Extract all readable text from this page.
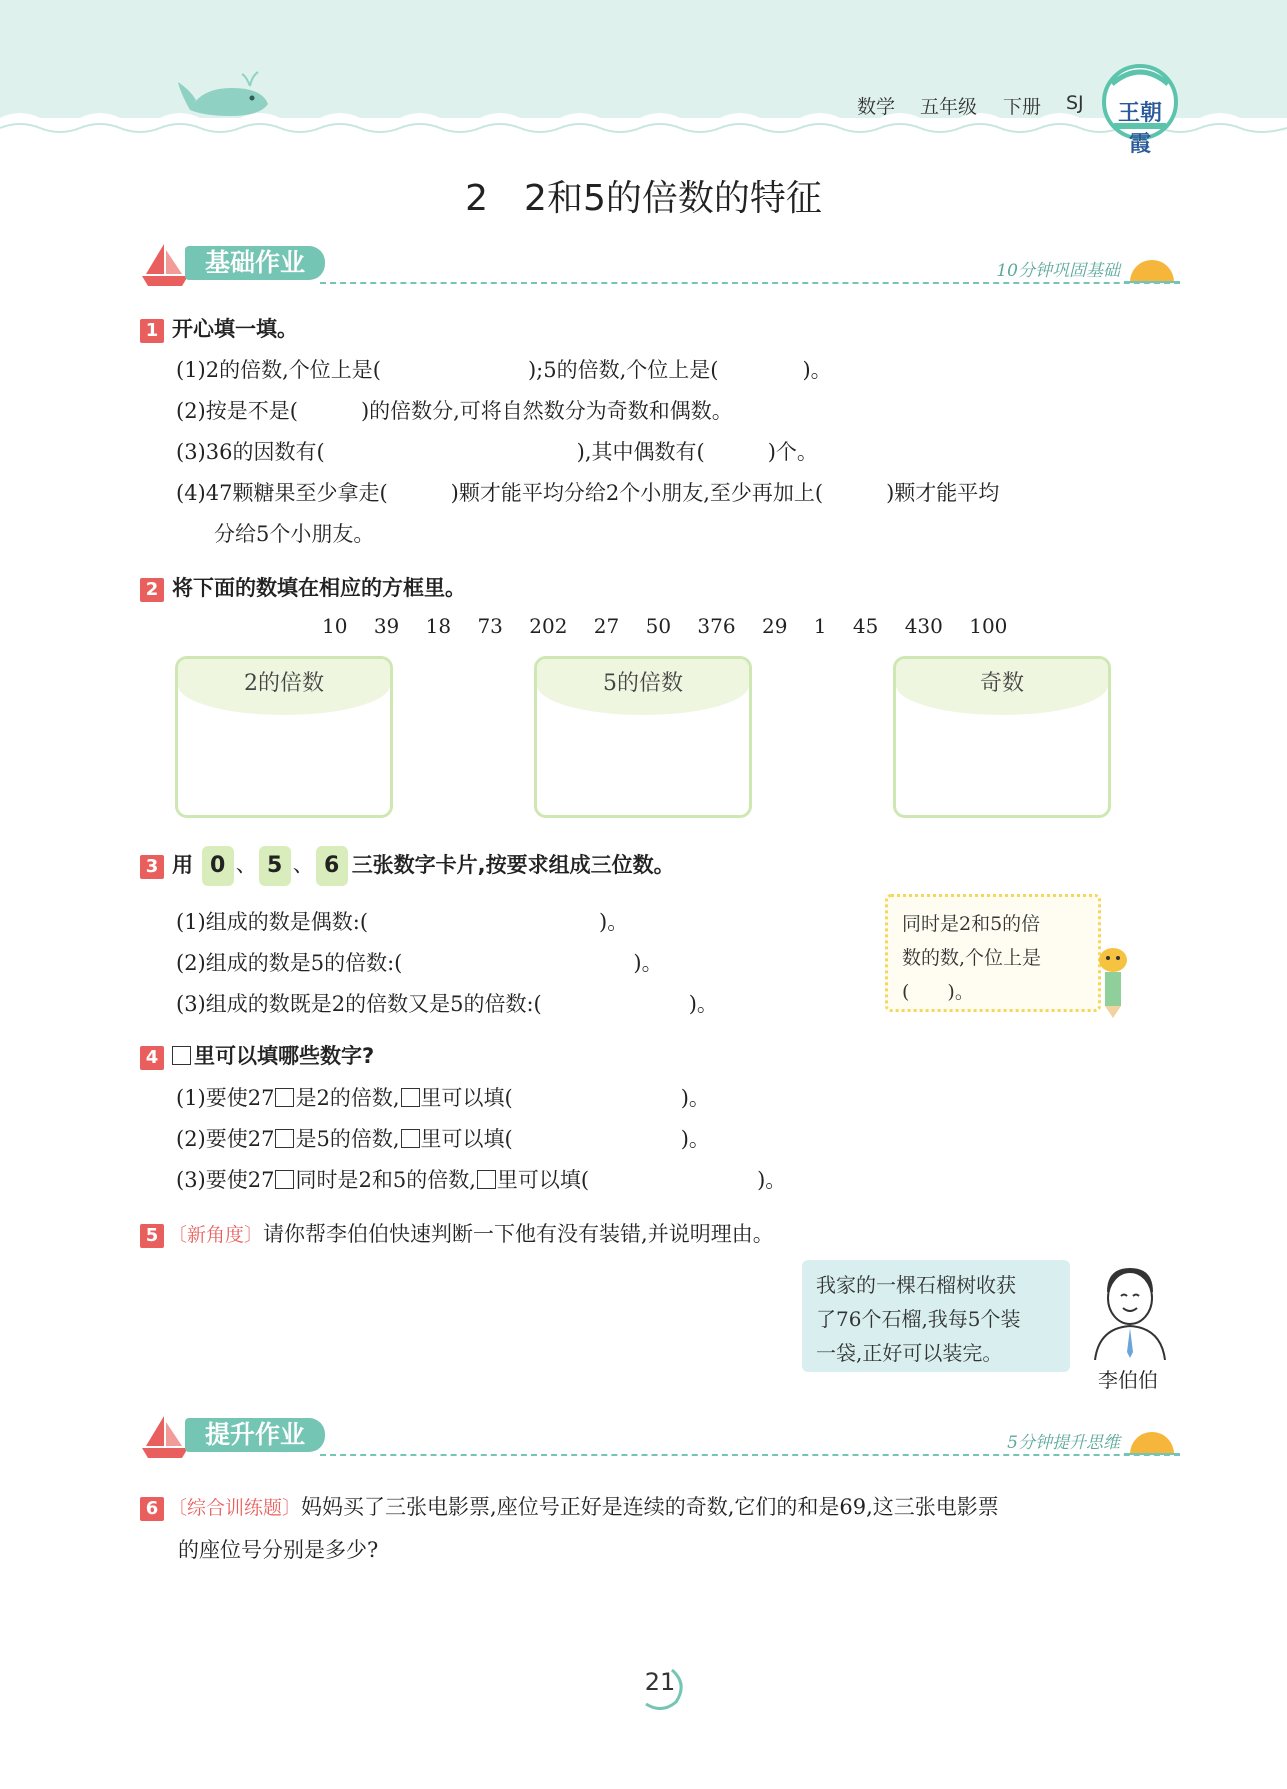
数学 五年级 下册 SJ	王朝霞
2　2和5的倍数的特征
基础作业	10分钟巩固基础
1 开心填一填。
(1)2的倍数,个位上是(　　　　　　　);5的倍数,个位上是(　　　　)。
(2)按是不是(　　　)的倍数分,可将自然数分为奇数和偶数。
(3)36的因数有(　　　　　　　　　　　　),其中偶数有(　　　)个。
(4)47颗糖果至少拿走(　　　)颗才能平均分给2个小朋友,至少再加上(　　　)颗才能平均
分给5个小朋友。
2 将下面的数填在相应的方框里。
10 39 18 73 202 27 50 376 29 1 45 430 100
2的倍数	5的倍数	奇数
3 用 0 、 5 、 6 三张数字卡片,按要求组成三位数。
(1)组成的数是偶数:(　　　　　　　　　　　)。
(2)组成的数是5的倍数:(　　　　　　　　　　　)。
(3)组成的数既是2的倍数又是5的倍数:(　　　　　　　)。
同时是2和5的倍
数的数,个位上是
(　　)。
4 里可以填哪些数字?
(1)要使27 是2的倍数, 里可以填(　　　　　　　　)。
(2)要使27 是5的倍数, 里可以填(　　　　　　　　)。
(3)要使27 同时是2和5的倍数, 里可以填(　　　　　　　　)。
5 〔新角度〕请你帮李伯伯快速判断一下他有没有装错,并说明理由。
我家的一棵石榴树收获
了76个石榴,我每5个装
一袋,正好可以装完。
李伯伯
提升作业	5分钟提升思维
6 〔综合训练题〕妈妈买了三张电影票,座位号正好是连续的奇数,它们的和是69,这三张电影票
的座位号分别是多少?
21
